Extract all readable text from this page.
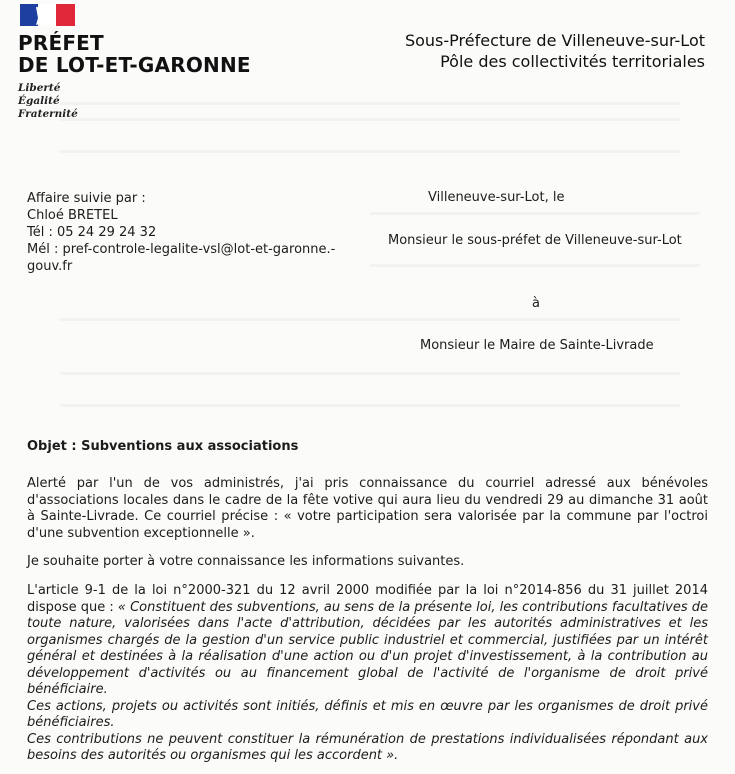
PRÉFET
DE LOT-ET-GARONNE
Liberté
Égalité
Fraternité
Sous-Préfecture de Villeneuve-sur-Lot
Pôle des collectivités territoriales
Affaire suivie par :
Chloé BRETEL
Tél : 05 24 29 24 32
Mél : pref-controle-legalite-vsl@lot-et-garonne.-
gouv.fr
Villeneuve-sur-Lot, le
Monsieur le sous-préfet de Villeneuve-sur-Lot
à
Monsieur le Maire de Sainte-Livrade
Objet : Subventions aux associations
Alerté par l'un de vos administrés, j'ai pris connaissance du courriel adressé aux bénévoles d'associations locales dans le cadre de la fête votive qui aura lieu du vendredi 29 au dimanche 31 août à Sainte-Livrade. Ce courriel précise : « votre participation sera valorisée par la commune par l'octroi d'une subvention exceptionnelle ».
Je souhaite porter à votre connaissance les informations suivantes.
L'article 9-1 de la loi n°2000-321 du 12 avril 2000 modifiée par la loi n°2014-856 du 31 juillet 2014 dispose que : « Constituent des subventions, au sens de la présente loi, les contributions facultatives de toute nature, valorisées dans l'acte d'attribution, décidées par les autorités administratives et les organismes chargés de la gestion d'un service public industriel et commercial, justifiées par un intérêt général et destinées à la réalisation d'une action ou d'un projet d'investissement, à la contribution au développement d'activités ou au financement global de l'activité de l'organisme de droit privé bénéficiaire.
Ces actions, projets ou activités sont initiés, définis et mis en œuvre par les organismes de droit privé bénéficiaires.
Ces contributions ne peuvent constituer la rémunération de prestations individualisées répondant aux besoins des autorités ou organismes qui les accordent ».
